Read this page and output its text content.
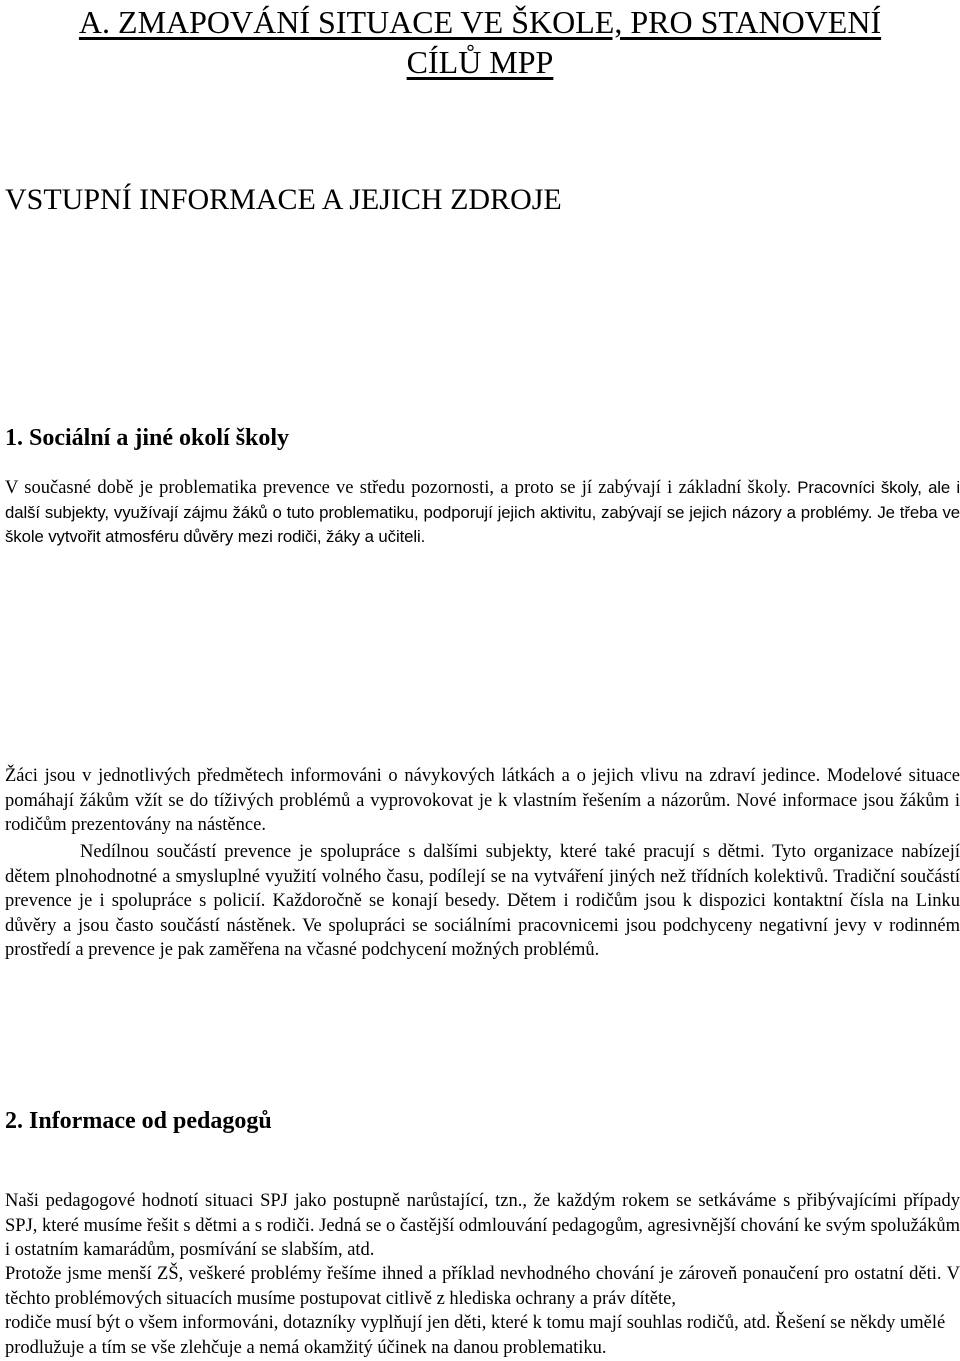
A. ZMAPOVÁNÍ SITUACE VE ŠKOLE, PRO STANOVENÍ
CÍLŮ MPP
VSTUPNÍ INFORMACE A JEJICH ZDROJE
1. Sociální a jiné okolí školy
V současné době je problematika prevence ve středu pozornosti, a proto se jí zabývají i základní školy. Pracovníci školy, ale i další subjekty, využívají zájmu žáků o tuto problematiku, podporují jejich aktivitu, zabývají se jejich názory a problémy. Je třeba ve škole vytvořit atmosféru důvěry mezi rodiči, žáky a učiteli.
Žáci jsou v jednotlivých předmětech informováni o návykových látkách a o jejich vlivu na zdraví jedince. Modelové situace pomáhají žákům vžít se do tíživých problémů a vyprovokovat je k vlastním řešením a názorům. Nové informace jsou žákům i rodičům prezentovány na nástěnce.
Nedílnou součástí prevence je spolupráce s dalšími subjekty, které také pracují s dětmi. Tyto organizace nabízejí dětem plnohodnotné a smysluplné využití volného času, podílejí se na vytváření jiných než třídních kolektivů. Tradiční součástí prevence je i spolupráce s policií. Každoročně se konají besedy. Dětem i rodičům jsou k dispozici kontaktní čísla na Linku důvěry a jsou často součástí nástěnek. Ve spolupráci se sociálními pracovnicemi jsou podchyceny negativní jevy v rodinném prostředí a prevence je pak zaměřena na včasné podchycení možných problémů.
2. Informace od pedagogů
Naši pedagogové hodnotí situaci SPJ jako postupně narůstající, tzn., že každým rokem se setkáváme s přibývajícími případy SPJ, které musíme řešit s dětmi a s rodiči. Jedná se o častější odmlouvání pedagogům, agresivnější chování ke svým spolužákům i ostatním kamarádům, posmívání se slabším, atd.
Protože jsme menší ZŠ, veškeré problémy řešíme ihned a příklad nevhodného chování je zároveň ponaučení pro ostatní děti. V těchto problémových situacích musíme postupovat citlivě z hlediska ochrany a práv dítěte,
rodiče musí být o všem informováni, dotazníky vyplňují jen děti, které k tomu mají souhlas rodičů, atd. Řešení se někdy umělé prodlužuje a tím se vše zlehčuje a nemá okamžitý účinek na danou problematiku.
